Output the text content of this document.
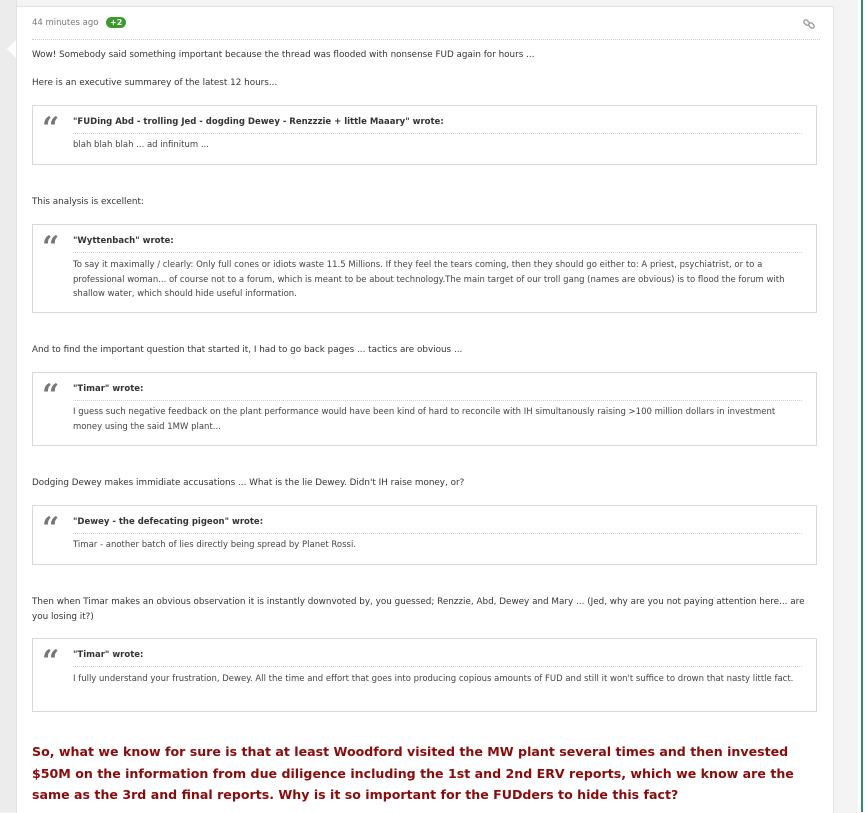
44 minutes ago	+2
Wow! Somebody said something important because the thread was flooded with nonsense FUD again for hours ...
Here is an executive summarey of the latest 12 hours...
“ "FUDing Abd - trolling Jed - dogding Dewey - Renzzzie + little Maaary" wrote:
blah blah blah ... ad infinitum ...
This analysis is excellent:
“ "Wyttenbach" wrote:
To say it maximally / clearly: Only full cones or idiots waste 11.5 Millions. If they feel the tears coming, then they should go either to: A priest, psychiatrist, or to a professional woman... of course not to a forum, which is meant to be about technology.The main target of our troll gang (names are obvious) is to flood the forum with shallow water, which should hide useful information.
And to find the important question that started it, I had to go back pages ... tactics are obvious ...
“ "Timar" wrote:
I guess such negative feedback on the plant performance would have been kind of hard to reconcile with IH simultanously raising >100 million dollars in investment money using the said 1MW plant...
Dodging Dewey makes immidiate accusations ... What is the lie Dewey. Didn't IH raise money, or?
“ "Dewey - the defecating pigeon" wrote:
Timar - another batch of lies directly being spread by Planet Rossi.
Then when Timar makes an obvious observation it is instantly downvoted by, you guessed; Renzzie, Abd, Dewey and Mary ... (Jed, why are you not paying attention here... are you losing it?)
“ "Timar" wrote:
I fully understand your frustration, Dewey. All the time and effort that goes into producing copious amounts of FUD and still it won't suffice to drown that nasty little fact.
So, what we know for sure is that at least Woodford visited the MW plant several times and then invested $50M on the information from due diligence including the 1st and 2nd ERV reports, which we know are the same as the 3rd and final reports. Why is it so important for the FUDders to hide this fact?
